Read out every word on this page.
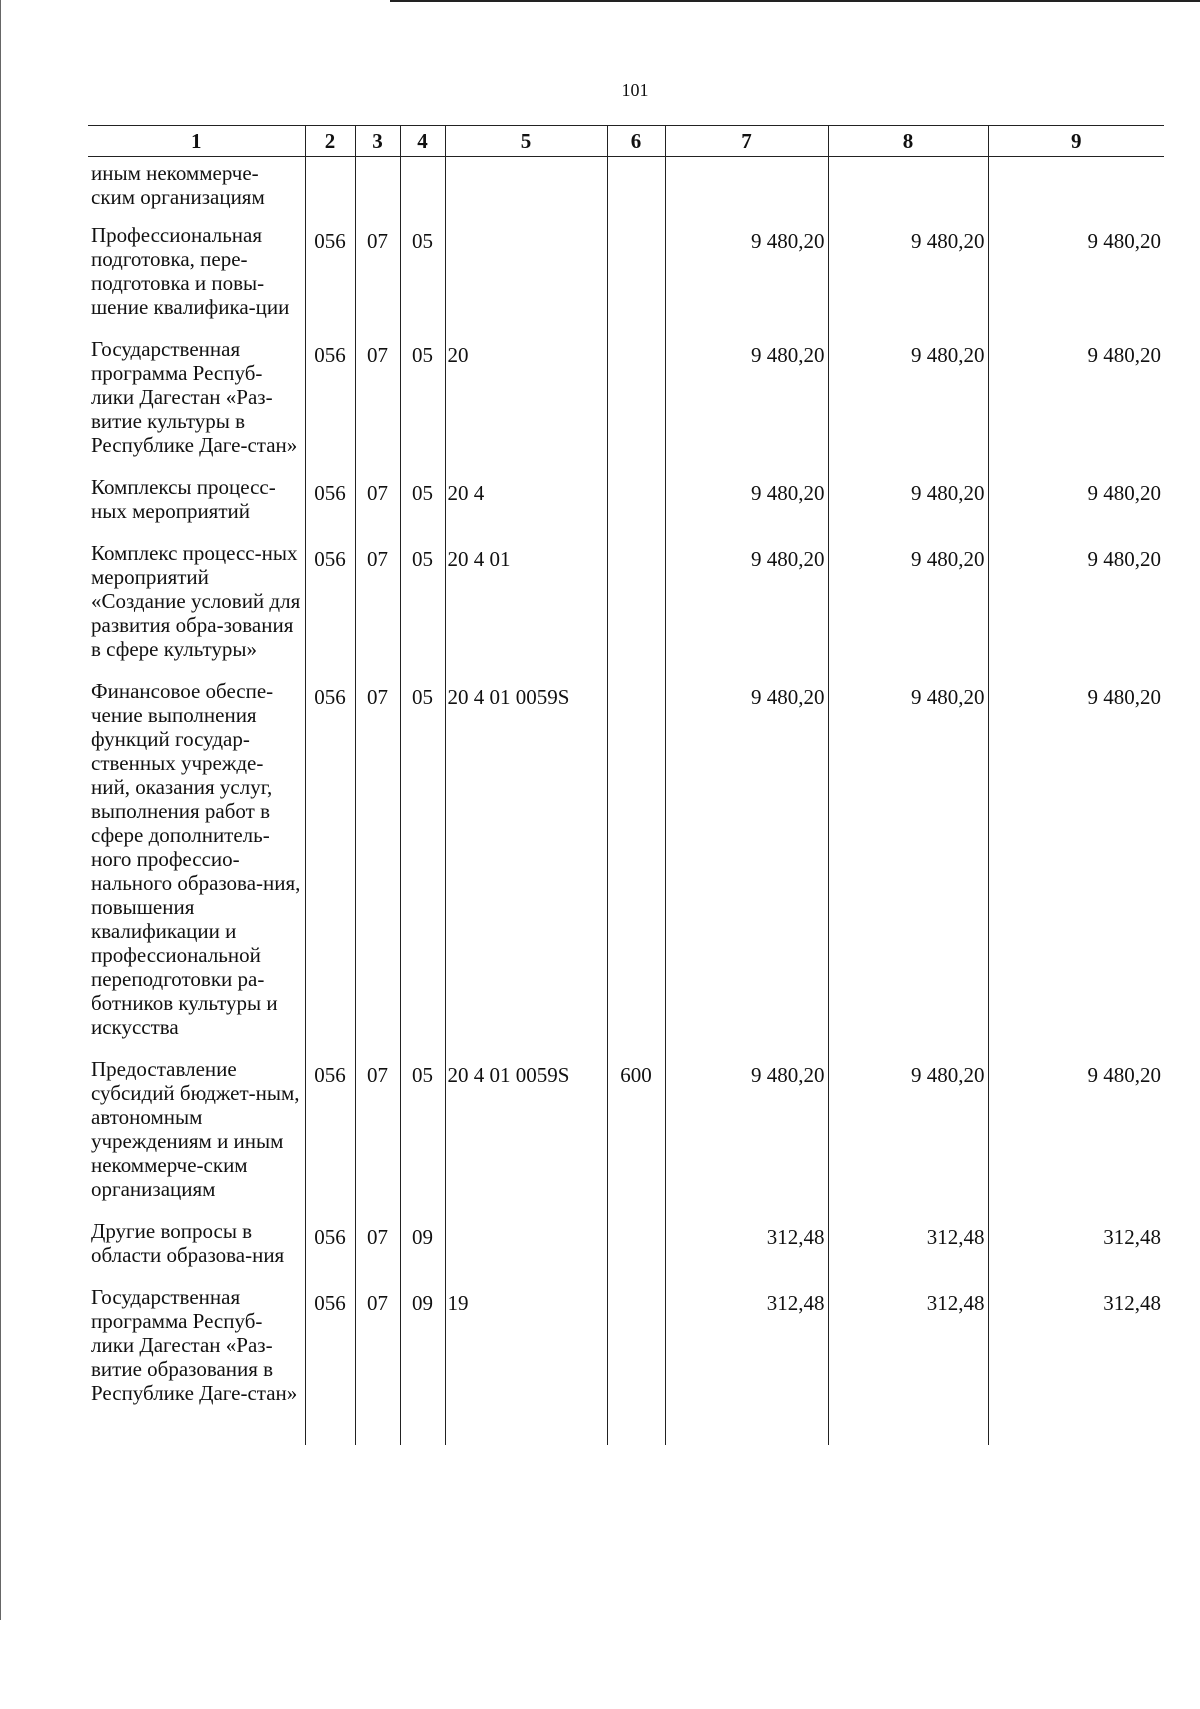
101
1	2	3	4	5	6	7	8	9
иным некоммерче-ским организациям								
Профессиональная подготовка, пере-подготовка и повы-шение квалифика-ции	056	07	05			9 480,20	9 480,20	9 480,20
Государственная программа Респуб-лики Дагестан «Раз-витие культуры в Республике Даге-стан»	056	07	05	20		9 480,20	9 480,20	9 480,20
Комплексы процесс-ных мероприятий	056	07	05	20 4		9 480,20	9 480,20	9 480,20
Комплекс процесс-ных мероприятий «Создание условий для развития обра-зования в сфере культуры»	056	07	05	20 4 01		9 480,20	9 480,20	9 480,20
Финансовое обеспе-чение выполнения функций государ-ственных учрежде-ний, оказания услуг, выполнения работ в сфере дополнитель-ного профессио-нального образова-ния, повышения квалификации и профессиональной переподготовки ра-ботников культуры и искусства	056	07	05	20 4 01 0059S		9 480,20	9 480,20	9 480,20
Предоставление субсидий бюджет-ным, автономным учреждениям и иным некоммерче-ским организациям	056	07	05	20 4 01 0059S	600	9 480,20	9 480,20	9 480,20
Другие вопросы в области образова-ния	056	07	09			312,48	312,48	312,48
Государственная программа Респуб-лики Дагестан «Раз-витие образования в Республике Даге-стан»	056	07	09	19		312,48	312,48	312,48
